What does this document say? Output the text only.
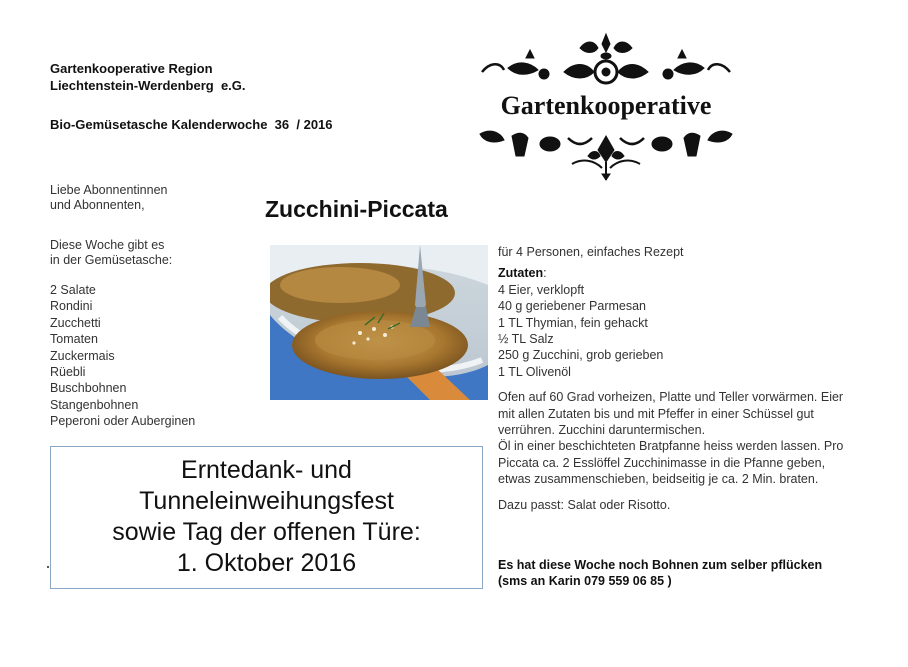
Gartenkooperative Region
Liechtenstein-Werdenberg  e.G.
Bio-Gemüsetasche Kalenderwoche  36  / 2016
Gartenkooperative
Liebe Abonnentinnen
und Abonnenten,
Diese Woche gibt es
in der Gemüsetasche:
2 Salate
Rondini
Zucchetti
Tomaten
Zuckermais
Rüebli
Buschbohnen
Stangenbohnen
Peperoni oder Auberginen
Zucchini-Piccata
für 4 Personen, einfaches Rezept
Zutaten:
4 Eier, verklopft
40 g geriebener Parmesan
1 TL Thymian, fein gehackt
½ TL Salz
250 g Zucchini, grob gerieben
1 TL Olivenöl
Ofen auf 60 Grad vorheizen, Platte und Teller vorwärmen. Eier
mit allen Zutaten bis und mit Pfeffer in einer Schüssel gut
verrühren. Zucchini daruntermischen.
Öl in einer beschichteten Bratpfanne heiss werden lassen. Pro
Piccata ca. 2 Esslöffel Zucchinimasse in die Pfanne geben,
etwas zusammenschieben, beidseitig je ca. 2 Min. braten.
Dazu passt: Salat oder Risotto.
Erntedank- und
Tunneleinweihungsfest
sowie Tag der offenen Türe:
1. Oktober 2016	Es hat diese Woche noch Bohnen zum selber pflücken
(sms an Karin 079 559 06 85 )
